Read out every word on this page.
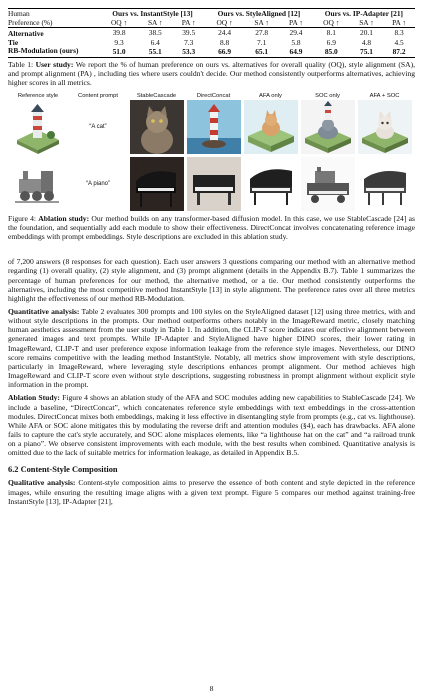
Human	Ours vs. InstantStyle [13]			Ours vs. StyleAligned [12]			Ours vs. IP-Adapter [21]		
Preference (%)	OQ ↑	SA ↑	PA ↑	OQ ↑	SA ↑	PA ↑	OQ ↑	SA ↑	PA ↑
Alternative	39.8	38.5	39.5	24.4	27.8	29.4	8.1	20.1	8.3
Tie	9.3	6.4	7.3	8.8	7.1	5.8	6.9	4.8	4.5
RB-Modulation (ours)	51.0	55.1	53.3	66.9	65.1	64.9	85.0	75.1	87.2

Table 1: User study: We report the % of human preference on ours vs. alternatives for overall quality (OQ), style alignment (SA), and prompt alignment (PA) , including ties where users couldn't decide. Our method consistently outperforms alternatives, achieving higher scores in all metrics.

Reference style	Content prompt	StableCascade	DirectConcat	AFA only	SOC only	AFA + SOC
“A cat”
“A piano”

Figure 4: Ablation study: Our method builds on any transformer-based diffusion model. In this case, we use StableCascade [24] as the foundation, and sequentially add each module to show their effectiveness. DirectConcat involves concatenating reference image embeddings with prompt embeddings. Style descriptions are excluded in this ablation study.

of 7,200 answers (8 responses for each question). Each user answers 3 questions comparing our method with an alternative method regarding (1) overall quality, (2) style alignment, and (3) prompt alignment (details in the Appendix B.7). Table 1 summarizes the percentage of human preferences for our method, the alternative method, or a tie. Our method consistently outperforms the alternatives, including the most competitive method InstantStyle [13] in style alignment. The preference rates over all three metrics highlight the effectiveness of our method RB-Modulation.

Quantitative analysis: Table 2 evaluates 300 prompts and 100 styles on the StyleAligned dataset [12] using three metrics, with and without style descriptions in the prompts. Our method outperforms others notably in the ImageReward metric, closely matching human aesthetics assessment from the user study in Table 1. In addition, the CLIP-T score indicates our effective alignment between generated images and text prompts. While IP-Adapter and StyleAligned have higher DINO scores, their lower rating in ImageReward, CLIP-T and user preference expose information leakage from the reference style images. Nevertheless, our DINO score remains competitive with the leading method InstantStyle. Notably, all metrics show improvement with style descriptions, particularly in ImageReward, where leveraging style descriptions enhances prompt alignment. Our method achieves high ImageReward and CLIP-T score even without style descriptions, suggesting robustness in prompt alignment without explicit style information in the prompt.

Ablation Study: Figure 4 shows an ablation study of the AFA and SOC modules adding new capabilities to StableCascade [24]. We include a baseline, “DirectConcat”, which concatenates reference style embeddings with text embeddings in the cross-attention modules. DirectConcat mixes both embeddings, making it less effective in disentangling style from prompts (e.g., cat vs. lighthouse). While AFA or SOC alone mitigates this by modulating the reverse drift and attention modules (§4), each has drawbacks. AFA alone fails to capture the cat's style accurately, and SOC alone misplaces elements, like “a lighthouse hat on the cat” and “a railroad trunk on a piano”. We observe consistent improvements with each module, with the best results when combined. Quantitative analysis is omitted due to the lack of suitable metrics for information leakage, as detailed in Appendix B.5.

6.2 Content-Style Composition

Qualitative analysis: Content-style composition aims to preserve the essence of both content and style depicted in the reference images, while ensuring the resulting image aligns with a given text prompt. Figure 5 compares our method against training-free InstantStyle [13], IP-Adapter [21],

8
